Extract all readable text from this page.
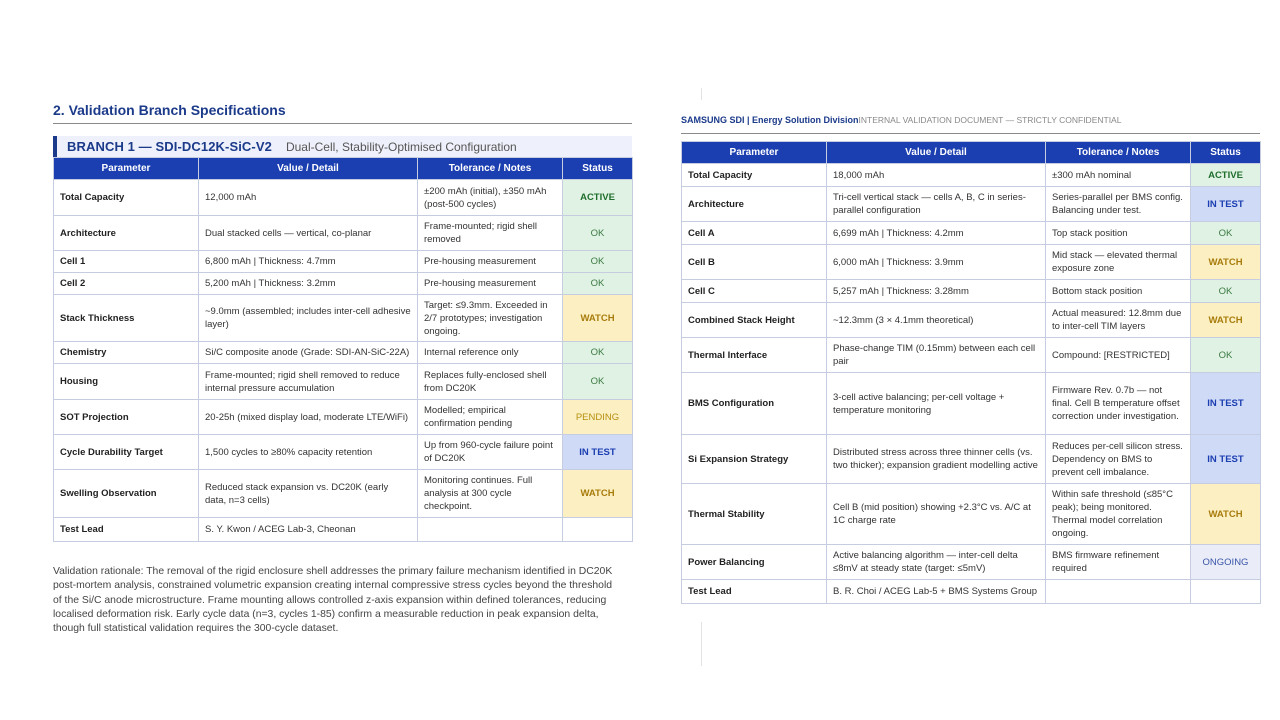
2. Validation Branch Specifications
BRANCH 1 — SDI-DC12K-SiC-V2 Dual-Cell, Stability-Optimised Configuration
Parameter	Value / Detail	Tolerance / Notes	Status
Total Capacity	12,000 mAh	±200 mAh (initial), ±350 mAh (post-500 cycles)	ACTIVE
Architecture	Dual stacked cells — vertical, co-planar	Frame-mounted; rigid shell removed	OK
Cell 1	6,800 mAh | Thickness: 4.7mm	Pre-housing measurement	OK
Cell 2	5,200 mAh | Thickness: 3.2mm	Pre-housing measurement	OK
Stack Thickness	~9.0mm (assembled; includes inter-cell adhesive layer)	Target: ≤9.3mm. Exceeded in 2/7 prototypes; investigation ongoing.	WATCH
Chemistry	Si/C composite anode (Grade: SDI-AN-SiC-22A)	Internal reference only	OK
Housing	Frame-mounted; rigid shell removed to reduce internal pressure accumulation	Replaces fully-enclosed shell from DC20K	OK
SOT Projection	20-25h (mixed display load, moderate LTE/WiFi)	Modelled; empirical confirmation pending	PENDING
Cycle Durability Target	1,500 cycles to ≥80% capacity retention	Up from 960-cycle failure point of DC20K	IN TEST
Swelling Observation	Reduced stack expansion vs. DC20K (early data, n=3 cells)	Monitoring continues. Full analysis at 300 cycle checkpoint.	WATCH
Test Lead	S. Y. Kwon / ACEG Lab-3, Cheonan		
Validation rationale: The removal of the rigid enclosure shell addresses the primary failure mechanism identified in DC20K post-mortem analysis, constrained volumetric expansion creating internal compressive stress cycles beyond the threshold of the Si/C anode microstructure. Frame mounting allows controlled z-axis expansion within defined tolerances, reducing localised deformation risk. Early cycle data (n=3, cycles 1-85) confirm a measurable reduction in peak expansion delta, though full statistical validation requires the 300-cycle dataset.
SAMSUNG SDI | Energy Solution Division INTERNAL VALIDATION DOCUMENT — STRICTLY CONFIDENTIAL
Parameter	Value / Detail	Tolerance / Notes	Status
Total Capacity	18,000 mAh	±300 mAh nominal	ACTIVE
Architecture	Tri-cell vertical stack — cells A, B, C in series-parallel configuration	Series-parallel per BMS config. Balancing under test.	IN TEST
Cell A	6,699 mAh | Thickness: 4.2mm	Top stack position	OK
Cell B	6,000 mAh | Thickness: 3.9mm	Mid stack — elevated thermal exposure zone	WATCH
Cell C	5,257 mAh | Thickness: 3.28mm	Bottom stack position	OK
Combined Stack Height	~12.3mm (3 × 4.1mm theoretical)	Actual measured: 12.8mm due to inter-cell TIM layers	WATCH
Thermal Interface	Phase-change TIM (0.15mm) between each cell pair	Compound: [RESTRICTED]	OK
BMS Configuration	3-cell active balancing; per-cell voltage + temperature monitoring	Firmware Rev. 0.7b — not final. Cell B temperature offset correction under investigation.	IN TEST
Si Expansion Strategy	Distributed stress across three thinner cells (vs. two thicker); expansion gradient modelling active	Reduces per-cell silicon stress. Dependency on BMS to prevent cell imbalance.	IN TEST
Thermal Stability	Cell B (mid position) showing +2.3°C vs. A/C at 1C charge rate	Within safe threshold (≤85°C peak); being monitored. Thermal model correlation ongoing.	WATCH
Power Balancing	Active balancing algorithm — inter-cell delta ≤8mV at steady state (target: ≤5mV)	BMS firmware refinement required	ONGOING
Test Lead	B. R. Choi / ACEG Lab-5 + BMS Systems Group		
